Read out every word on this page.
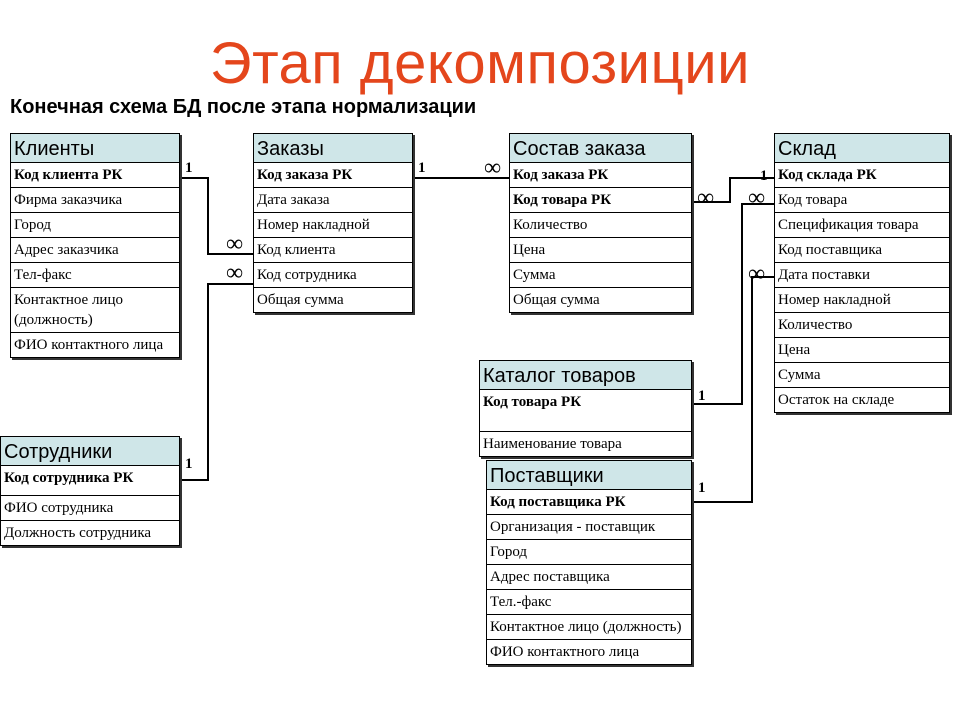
Этап декомпозиции
Конечная схема БД после этапа нормализации
Клиенты
Код клиента РК
Фирма заказчика
Город
Адрес заказчика
Тел-факс
Контактное лицо (должность)
ФИО контактного лица
Заказы
Код заказа РК
Дата заказа
Номер накладной
Код клиента
Код сотрудника
Общая сумма
Состав заказа
Код заказа РК
Код товара РК
Количество
Цена
Сумма
Общая сумма
Склад
Код склада РК
Код товара
Спецификация товара
Код поставщика
Дата поставки
Номер накладной
Количество
Цена
Сумма
Остаток на складе
Каталог товаров
Код товара РК
Наименование товара
Сотрудники
Код сотрудника РК
ФИО сотрудника
Должность сотрудника
Поставщики
Код поставщика РК
Организация - поставщик
Город
Адрес поставщика
Тел.-факс
Контактное лицо (должность)
ФИО контактного лица
1
∞
∞
1
1 ∞	1
∞ ∞
∞
1
1
